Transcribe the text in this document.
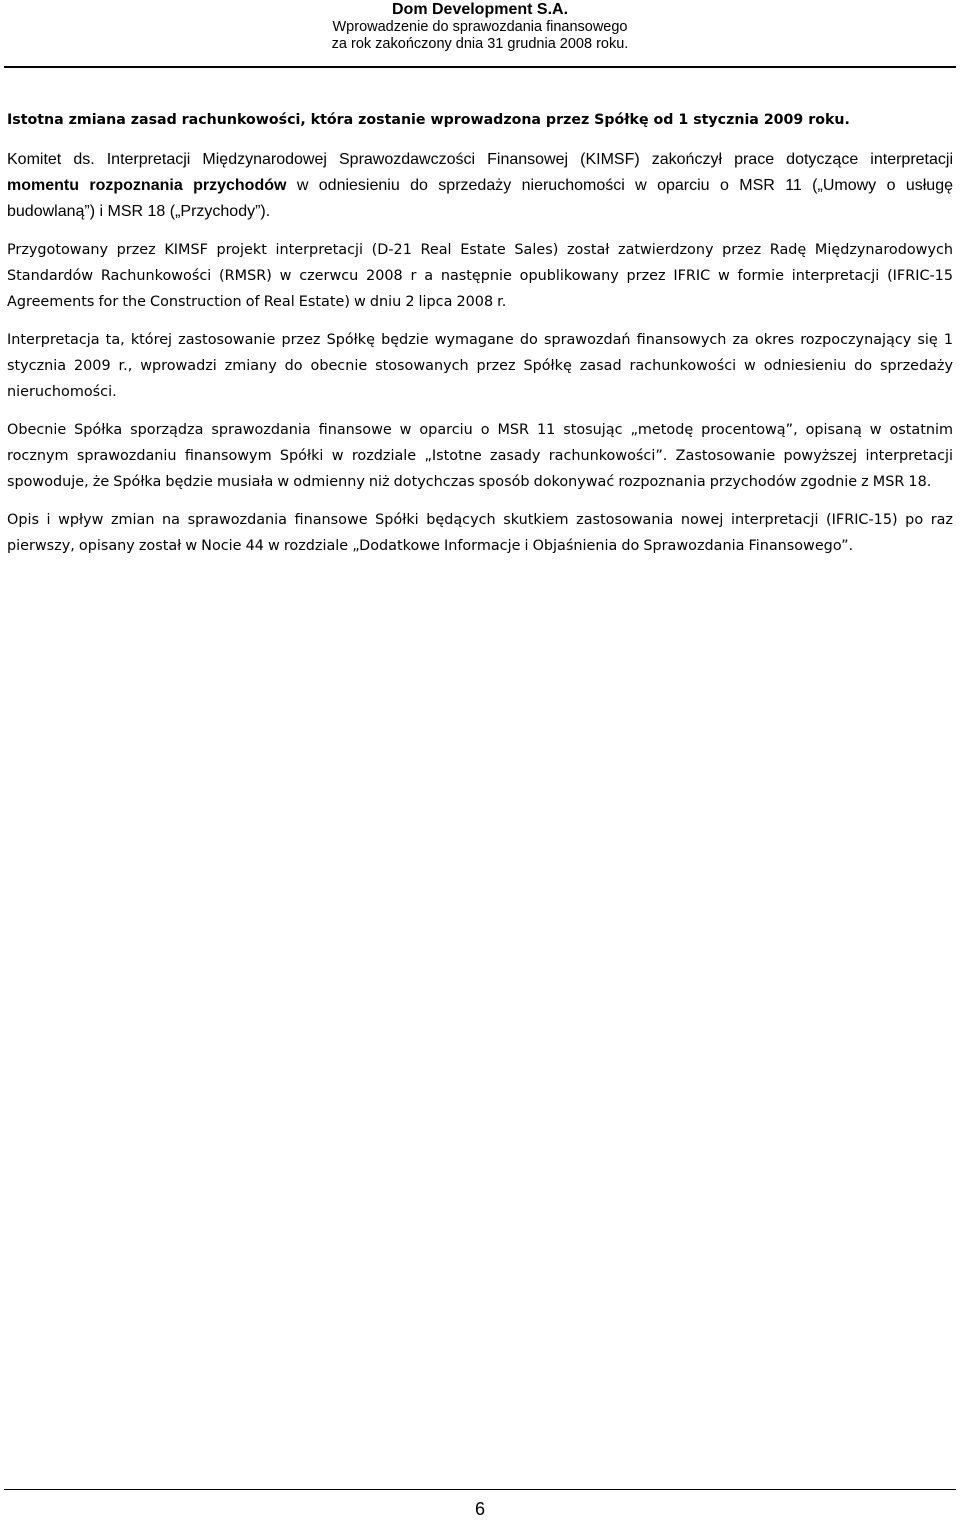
Dom Development S.A.
Wprowadzenie do sprawozdania finansowego
za rok zakończony dnia 31 grudnia 2008 roku.
Istotna zmiana zasad rachunkowości, która zostanie wprowadzona przez Spółkę od 1 stycznia 2009 roku.

Komitet ds. Interpretacji Międzynarodowej Sprawozdawczości Finansowej (KIMSF) zakończył prace dotyczące interpretacji momentu rozpoznania przychodów w odniesieniu do sprzedaży nieruchomości w oparciu o MSR 11 („Umowy o usługę budowlaną”) i MSR 18 („Przychody”).

Przygotowany przez KIMSF projekt interpretacji (D-21 Real Estate Sales) został zatwierdzony przez Radę Międzynarodowych Standardów Rachunkowości (RMSR) w czerwcu 2008 r a następnie opublikowany przez IFRIC w formie interpretacji (IFRIC-15 Agreements for the Construction of Real Estate) w dniu 2 lipca 2008 r.

Interpretacja ta, której zastosowanie przez Spółkę będzie wymagane do sprawozdań finansowych za okres rozpoczynający się 1 stycznia 2009 r., wprowadzi zmiany do obecnie stosowanych przez Spółkę zasad rachunkowości w odniesieniu do sprzedaży nieruchomości.

Obecnie Spółka sporządza sprawozdania finansowe w oparciu o MSR 11 stosując „metodę procentową”, opisaną w ostatnim rocznym sprawozdaniu finansowym Spółki w rozdziale „Istotne zasady rachunkowości”. Zastosowanie powyższej interpretacji spowoduje, że Spółka będzie musiała w odmienny niż dotychczas sposób dokonywać rozpoznania przychodów zgodnie z MSR 18.

Opis i wpływ zmian na sprawozdania finansowe Spółki będących skutkiem zastosowania nowej interpretacji (IFRIC-15) po raz pierwszy, opisany został w Nocie 44 w rozdziale „Dodatkowe Informacje i Objaśnienia do Sprawozdania Finansowego”.

6
